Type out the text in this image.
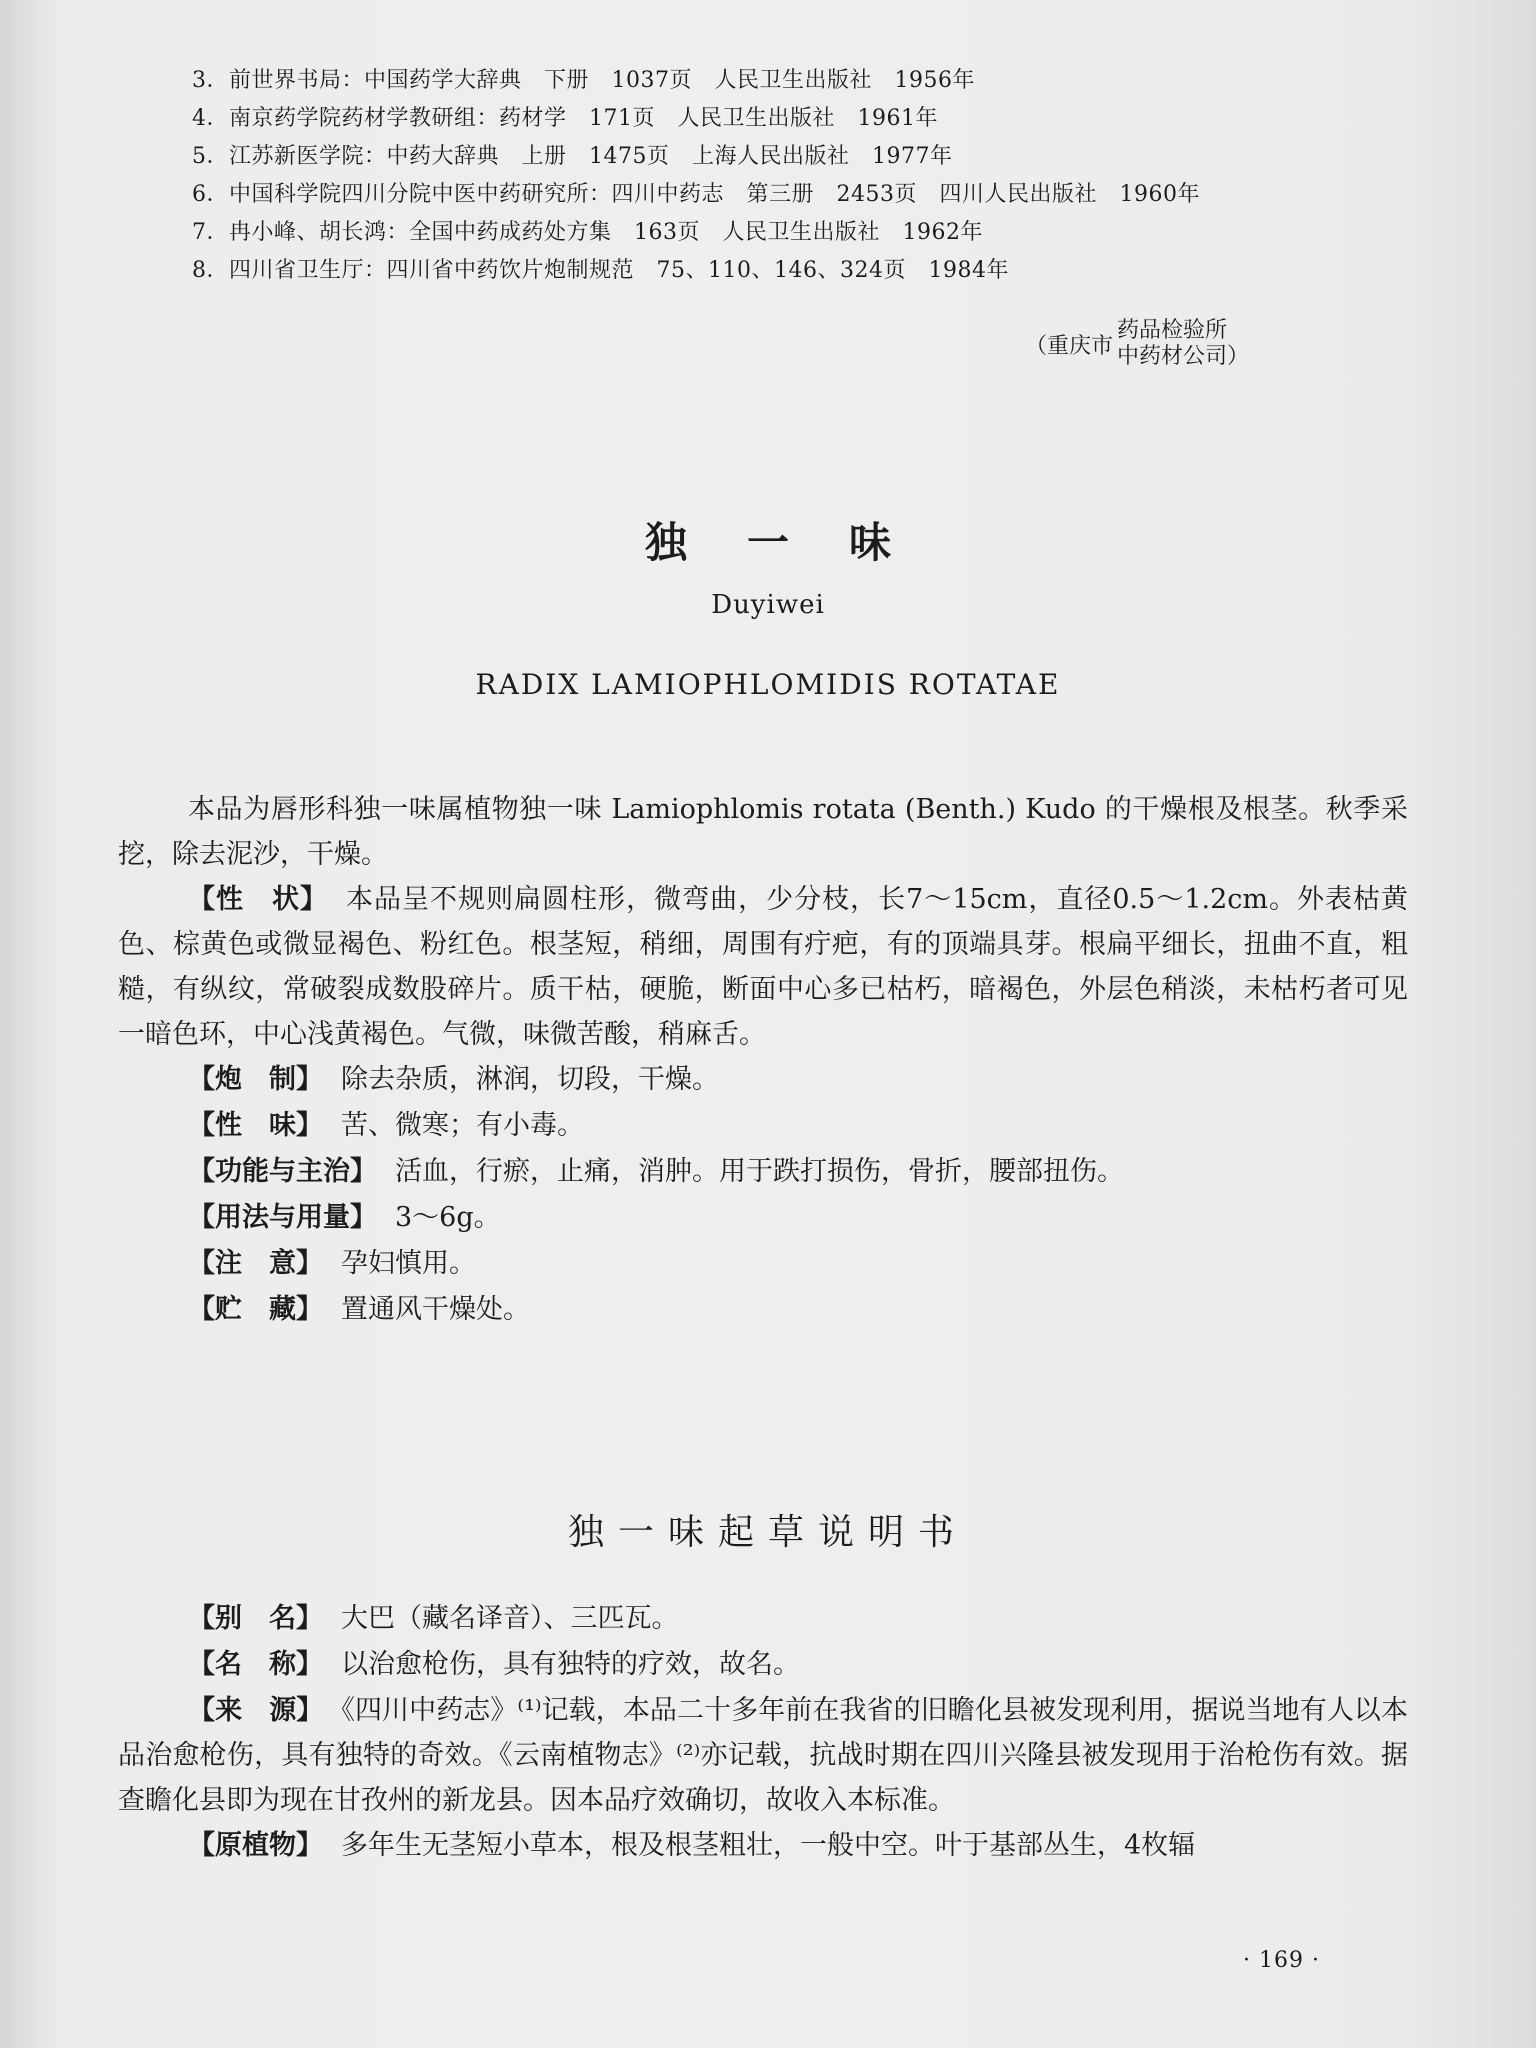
3．前世界书局：中国药学大辞典　下册　1037页　人民卫生出版社　1956年
4．南京药学院药材学教研组：药材学　171页　人民卫生出版社　1961年
5．江苏新医学院：中药大辞典　上册　1475页　上海人民出版社　1977年
6．中国科学院四川分院中医中药研究所：四川中药志　第三册　2453页　四川人民出版社　1960年
7．冉小峰、胡长鸿：全国中药成药处方集　163页　人民卫生出版社　1962年
8．四川省卫生厅：四川省中药饮片炮制规范　75、110、146、324页　1984年
（重庆市
药品检验所
中药材公司）
独一味
Duyiwei
RADIX LAMIOPHLOMIDIS ROTATAE

本品为唇形科独一味属植物独一味 Lamiophlomis rotata (Benth.) Kudo 的干燥根及根茎。秋季采挖，除去泥沙，干燥。

【性　状】 本品呈不规则扁圆柱形，微弯曲，少分枝，长7～15cm，直径0.5～1.2cm。外表枯黄色、棕黄色或微显褐色、粉红色。根茎短，稍细，周围有疔疤，有的顶端具芽。根扁平细长，扭曲不直，粗糙，有纵纹，常破裂成数股碎片。质干枯，硬脆，断面中心多已枯朽，暗褐色，外层色稍淡，未枯朽者可见一暗色环，中心浅黄褐色。气微，味微苦酸，稍麻舌。

【炮　制】 除去杂质，淋润，切段，干燥。

【性　味】 苦、微寒；有小毒。

【功能与主治】 活血，行瘀，止痛，消肿。用于跌打损伤，骨折，腰部扭伤。

【用法与用量】 3～6g。

【注　意】 孕妇慎用。

【贮　藏】 置通风干燥处。

独一味起草说明书

【别　名】 大巴（藏名译音）、三匹瓦。

【名　称】 以治愈枪伤，具有独特的疗效，故名。

【来　源】 《四川中药志》⁽¹⁾记载，本品二十多年前在我省的旧瞻化县被发现利用，据说当地有人以本品治愈枪伤，具有独特的奇效。《云南植物志》⁽²⁾亦记载，抗战时期在四川兴隆县被发现用于治枪伤有效。据查瞻化县即为现在甘孜州的新龙县。因本品疗效确切，故收入本标准。

【原植物】 多年生无茎短小草本，根及根茎粗壮，一般中空。叶于基部丛生，4枚辐

· 169 ·
